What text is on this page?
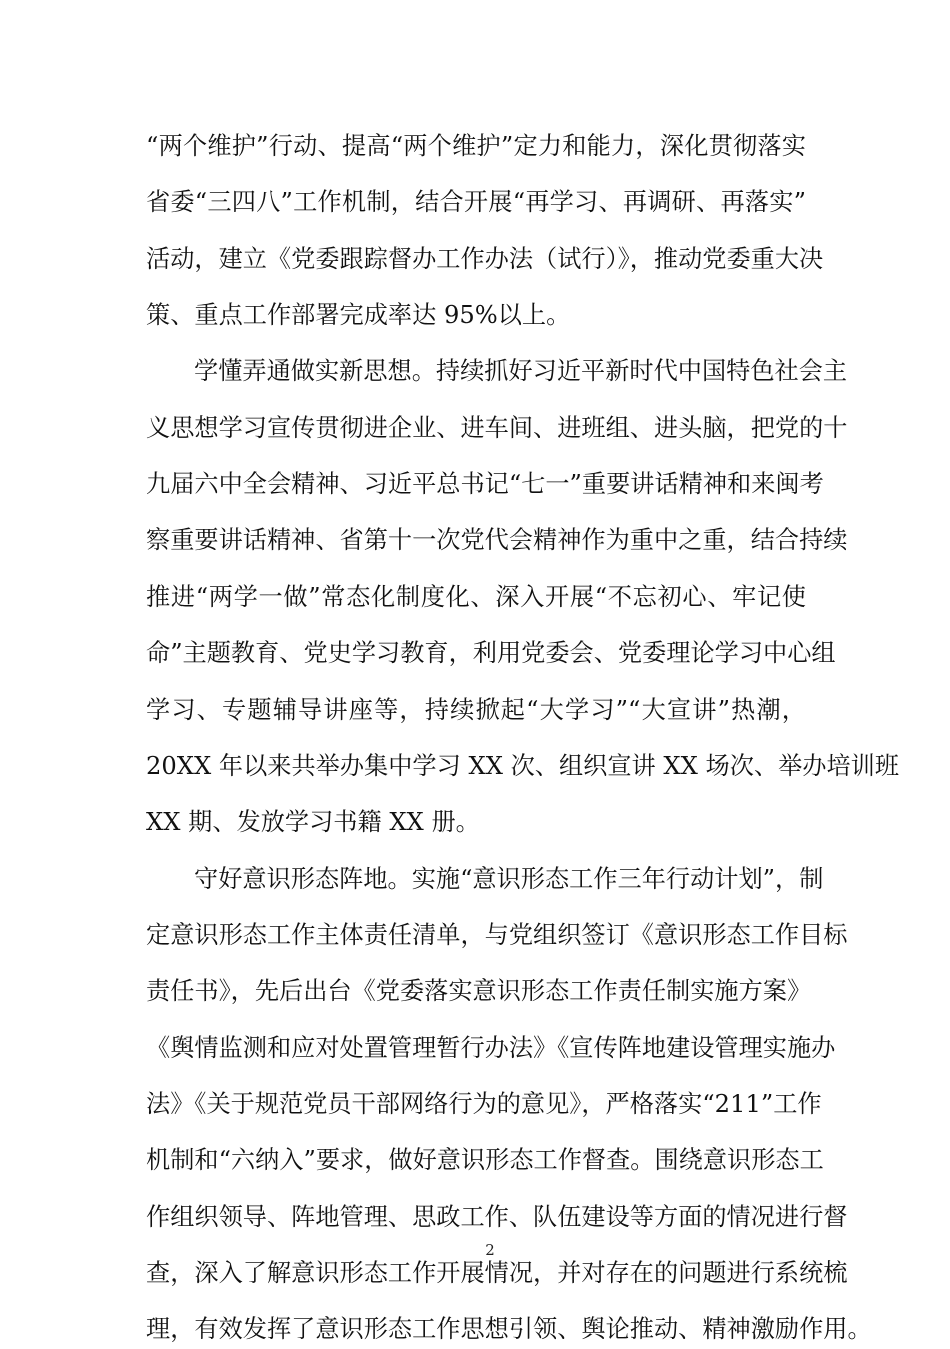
“两个维护”行动、提高“两个维护”定力和能力，深化贯彻落实
省委“三四八”工作机制，结合开展“再学习、再调研、再落实”
活动，建立《党委跟踪督办工作办法（试行）》，推动党委重大决
策、重点工作部署完成率达 95%以上。
学懂弄通做实新思想。持续抓好习近平新时代中国特色社会主
义思想学习宣传贯彻进企业、进车间、进班组、进头脑，把党的十
九届六中全会精神、习近平总书记“七一”重要讲话精神和来闽考
察重要讲话精神、省第十一次党代会精神作为重中之重，结合持续
推进“两学一做”常态化制度化、深入开展“不忘初心、牢记使
命”主题教育、党史学习教育，利用党委会、党委理论学习中心组
学习、专题辅导讲座等，持续掀起“大学习”“大宣讲”热潮，
20XX 年以来共举办集中学习 XX 次、组织宣讲 XX 场次、举办培训班
XX 期、发放学习书籍 XX 册。
守好意识形态阵地。实施“意识形态工作三年行动计划”，制
定意识形态工作主体责任清单，与党组织签订《意识形态工作目标
责任书》，先后出台《党委落实意识形态工作责任制实施方案》
《舆情监测和应对处置管理暂行办法》《宣传阵地建设管理实施办
法》《关于规范党员干部网络行为的意见》，严格落实“211”工作
机制和“六纳入”要求，做好意识形态工作督查。围绕意识形态工
作组织领导、阵地管理、思政工作、队伍建设等方面的情况进行督
查，深入了解意识形态工作开展情况，并对存在的问题进行系统梳
理，有效发挥了意识形态工作思想引领、舆论推动、精神激励作用。
2
